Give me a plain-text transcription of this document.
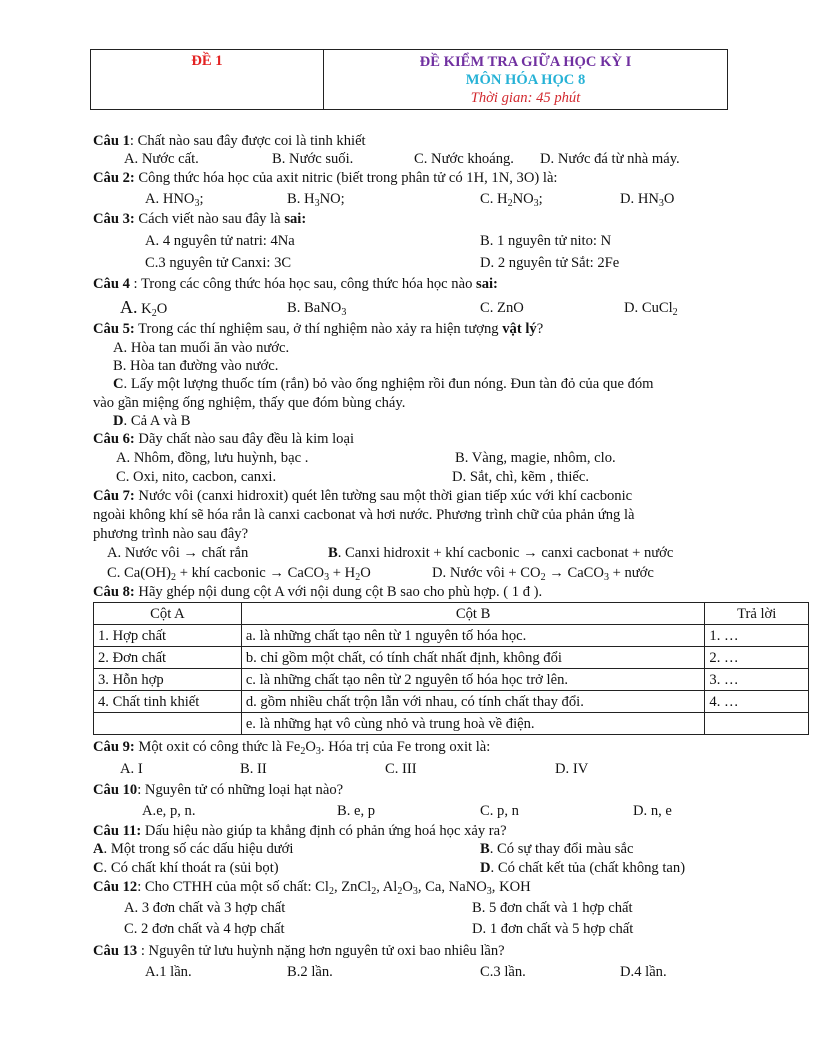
ĐỀ 1	ĐỀ KIỂM TRA GIỮA HỌC KỲ I
MÔN HÓA HỌC 8
Thời gian: 45 phút
Câu 1: Chất nào sau đây được coi là tinh khiết
A. Nước cất.	B. Nước suối.	C. Nước khoáng. D. Nước đá từ nhà máy.
Câu 2: Công thức hóa học của axit nitric (biết trong phân tử có 1H, 1N, 3O) là:
A. $HNO_3$;	B. $H_3NO$;	C. $H_2NO_3$;	D. $HN_3O$
Câu 3: Cách viết nào sau đây là sai:
A. 4 nguyên tử natri: 4Na	B. 1 nguyên tử nito: N
C.3 nguyên tử Canxi: 3C	D. 2 nguyên tử Sắt: 2Fe
Câu 4 : Trong các công thức hóa học sau, công thức hóa học nào sai:
A. $K_2O$	B. BaNO$_3$	C. ZnO	D. CuCl$_2$
Câu 5: Trong các thí nghiệm sau, ở thí nghiệm nào xảy ra hiện tượng vật lý?
A. Hòa tan muối ăn vào nước.
B. Hòa tan đường vào nước.
C. Lấy một lượng thuốc tím (rắn) bỏ vào ống nghiệm rồi đun nóng. Đun tàn đỏ của que đóm
vào gần miệng ống nghiệm, thấy que đóm bùng cháy.
D. Cả A và B
Câu 6: Dãy chất nào sau đây đều là kim loại
A. Nhôm, đồng, lưu huỳnh, bạc .	B. Vàng, magie, nhôm, clo.
C. Oxi, nito, cacbon, canxi.	D. Sắt, chì, kẽm , thiếc.
Câu 7: Nước vôi (canxi hidroxit) quét lên tường sau một thời gian tiếp xúc với khí cacbonic
ngoài không khí sẽ hóa rắn là canxi cacbonat và hơi nước. Phương trình chữ của phản ứng là
phương trình nào sau đây?
A. Nước vôi → chất rắn	B. Canxi hidroxit + khí cacbonic → canxi cacbonat + nước
C. $Ca(OH)_2$ + khí cacbonic → CaCO$_3$ + $H_2O$	D. Nước vôi + $CO_2$ → CaCO$_3$ + nước
Câu 8: Hãy ghép nội dung cột A với nội dung cột B sao cho phù hợp. ( 1 đ ).
Cột A	Cột B	Trả lời
1. Hợp chất	a. là những chất tạo nên từ 1 nguyên tố hóa học.	1. …
2. Đơn chất	b. chỉ gồm một chất, có tính chất nhất định, không đổi	2. …
3. Hỗn hợp	c. là những chất tạo nên từ 2 nguyên tố hóa học trở lên.	3. …
4. Chất tinh khiết	d. gồm nhiều chất trộn lẫn với nhau, có tính chất thay đổi.	4. …
	e. là những hạt vô cùng nhỏ và trung hoà về điện.	
Câu 9: Một oxit có công thức là $Fe_2O_3$. Hóa trị của Fe trong oxit là:
A. I	B. II	C. III	D. IV
Câu 10: Nguyên tử có những loại hạt nào?
A.e, p, n.	B. e, p	C. p, n	D. n, e
Câu 11: Dấu hiệu nào giúp ta khẳng định có phản ứng hoá học xảy ra?
A. Một trong số các dấu hiệu dưới	B. Có sự thay đổi màu sắc
C. Có chất khí thoát ra (sủi bọt)	D. Có chất kết tủa (chất không tan)
Câu 12: Cho CTHH của một số chất: $Cl_2$, ZnCl$_2$, $Al_2O_3$, Ca, NaNO$_3$, KOH
A. 3 đơn chất và 3 hợp chất	B. 5 đơn chất và 1 hợp chất
C. 2 đơn chất và 4 hợp chất	D. 1 đơn chất và 5 hợp chất
Câu 13 : Nguyên tử lưu huỳnh nặng hơn nguyên tử oxi bao nhiêu lần?
A.1 lần.	B.2 lần.	C.3 lần.	D.4 lần.
